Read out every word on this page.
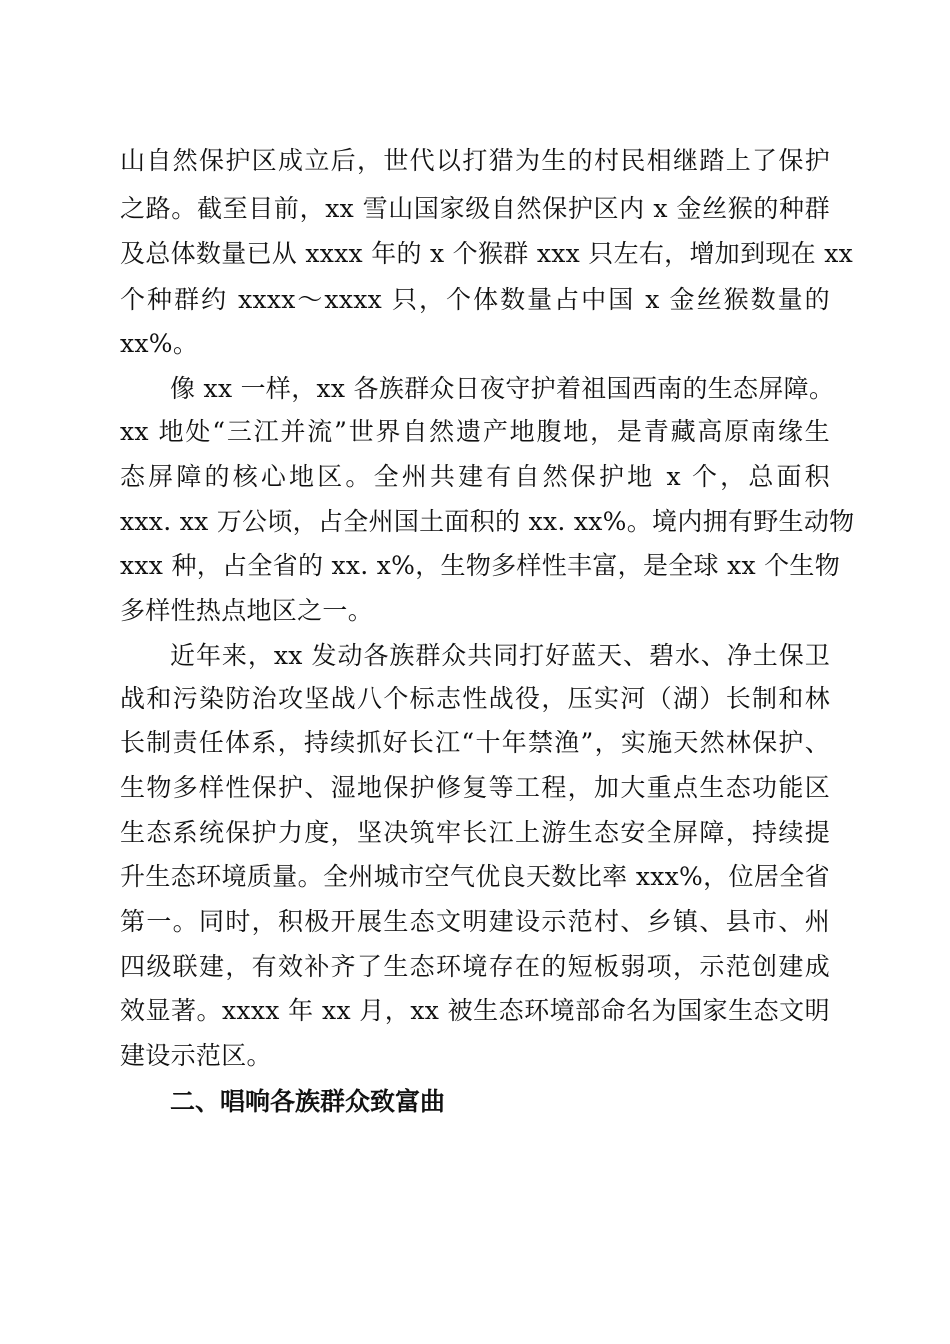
山自然保护区成立后，世代以打猎为生的村民相继踏上了保护
之路。截至目前，xx 雪山国家级自然保护区内 x 金丝猴的种群
及总体数量已从 xxxx 年的 x 个猴群 xxx 只左右，增加到现在 xx
个种群约 xxxx～xxxx 只，个体数量占中国 x 金丝猴数量的
xx%。
像 xx 一样，xx 各族群众日夜守护着祖国西南的生态屏障。
xx 地处“三江并流”世界自然遗产地腹地，是青藏高原南缘生
态屏障的核心地区。全州共建有自然保护地 x 个，总面积
xxx. xx 万公顷，占全州国土面积的 xx. xx%。境内拥有野生动物
xxx 种，占全省的 xx. x%，生物多样性丰富，是全球 xx 个生物
多样性热点地区之一。
近年来，xx 发动各族群众共同打好蓝天、碧水、净土保卫
战和污染防治攻坚战八个标志性战役，压实河（湖）长制和林
长制责任体系，持续抓好长江“十年禁渔”，实施天然林保护、
生物多样性保护、湿地保护修复等工程，加大重点生态功能区
生态系统保护力度，坚决筑牢长江上游生态安全屏障，持续提
升生态环境质量。全州城市空气优良天数比率 xxx%，位居全省
第一。同时，积极开展生态文明建设示范村、乡镇、县市、州
四级联建，有效补齐了生态环境存在的短板弱项，示范创建成
效显著。xxxx 年 xx 月，xx 被生态环境部命名为国家生态文明
建设示范区。
二、唱响各族群众致富曲
